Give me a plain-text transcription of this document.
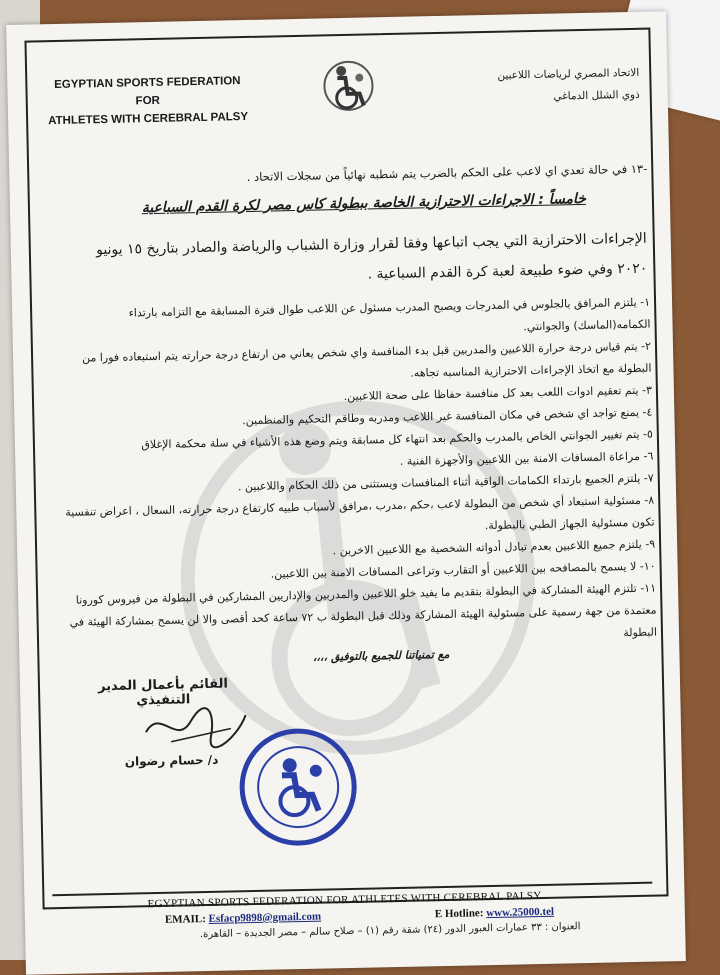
EGYPTIAN SPORTS FEDERATION FOR
ATHLETES WITH CEREBRAL PALSY
الاتحاد المصري لرياضات اللاعبين
ذوي الشلل الدماغي
-١٣ في حالة تعدي اي لاعب على الحكم بالضرب يتم شطبه نهائياً من سجلات الاتحاد .
خامساً : الاجراءات الاحترازية الخاصة ببطولة كاس مصر لكرة القدم السباعية
الإجراءات الاحترازية التي يجب اتباعها وفقا لقرار وزارة الشباب والرياضة والصادر بتاريخ ١٥ يونيو
٢٠٢٠ وفي ضوء طبيعة لعبة كرة القدم السباعية .

١- يلتزم المرافق بالجلوس في المدرجات ويصبح المدرب مسئول عن اللاعب طوال فترة المسابقة مع التزامه بارتداء الكمامه(الماسك) والجوانتي.

٢- يتم قياس درجة حرارة اللاعبين والمدربين قبل بدء المنافسة واي شخص يعاني من ارتفاع درجة حرارته يتم استبعاده فورا من البطولة مع اتخاذ الإجراءات الاحترازية المناسبه تجاهه.

٣- يتم تعقيم ادوات اللعب بعد كل منافسة حفاظا على صحة اللاعبين.

٤- يمنع تواجد اي شخص في مكان المنافسة غير اللاعب ومدربه وطاقم التحكيم والمنظمين.

٥- يتم تغيير الجوانتي الخاص بالمدرب والحكم بعد انتهاء كل مسابقة ويتم وضع هذه الأشياء في سلة محكمة الإغلاق

٦- مراعاة المسافات الامنة بين اللاعبين والأجهزة الفنية .

٧- يلتزم الجميع بارتداء الكمامات الواقية أثناء المنافسات ويستثنى من ذلك الحكام واللاعبين .

٨- مسئولية استبعاد أي شخص من البطولة لاعب ،حكم ،مدرب ،مرافق لأسباب طبيه كارتفاع درجة حرارته، السعال ، اعراض تنفسية تكون مسئولية الجهاز الطبي بالبطولة.

٩- يلتزم جميع اللاعبين بعدم تبادل أدواته الشخصية مع اللاعبين الاخرين .

١٠- لا يسمح بالمصافحه بين اللاعبين أو التقارب وتراعى المسافات الامنة بين اللاعبين.

١١- تلتزم الهيئة المشاركة في البطولة بتقديم ما يفيد خلو اللاعبين والمدربين والإداريين المشاركين في البطولة من فيروس كورونا معتمدة من جهة رسمية على مسئولية الهيئة المشاركة وذلك قبل البطولة ب ٧٢ ساعة كحد أقصى والا لن يسمح بمشاركة الهيئة في البطولة

مع تمنياتنا للجميع بالتوفيق ،،،،
القائم بأعمال المدير التنفيذي
د/ حسام رضوان
EGYPTIAN SPORTS FEDERATION FOR ATHLETES WITH CEREBRAL PALSY
EMAIL: Esfacp9898@gmail.com	E Hotline: www.25000.tel
العنوان : ٣٣ عمارات العبور الدور (٢٤) شقة رقم (١) – صلاح سالم – مصر الجديدة – القاهرة.
